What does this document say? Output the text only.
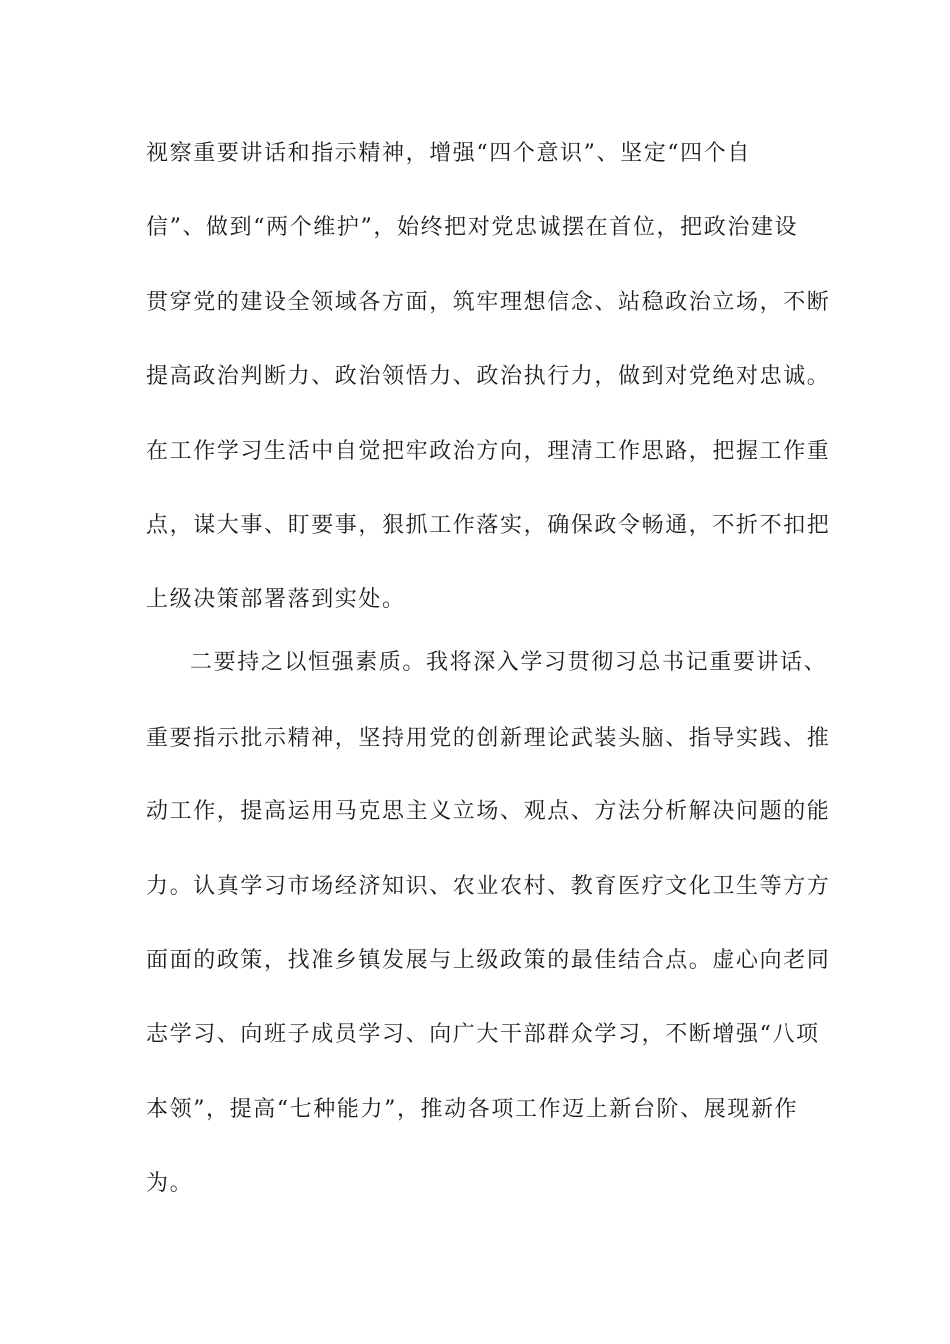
视察重要讲话和指示精神，增强“四个意识”、坚定“四个自
信”、做到“两个维护”，始终把对党忠诚摆在首位，把政治建设
贯穿党的建设全领域各方面，筑牢理想信念、站稳政治立场，不断
提高政治判断力、政治领悟力、政治执行力，做到对党绝对忠诚。
在工作学习生活中自觉把牢政治方向，理清工作思路，把握工作重
点，谋大事、盯要事，狠抓工作落实，确保政令畅通，不折不扣把
上级决策部署落到实处。
二要持之以恒强素质。我将深入学习贯彻习总书记重要讲话、
重要指示批示精神，坚持用党的创新理论武装头脑、指导实践、推
动工作，提高运用马克思主义立场、观点、方法分析解决问题的能
力。认真学习市场经济知识、农业农村、教育医疗文化卫生等方方
面面的政策，找准乡镇发展与上级政策的最佳结合点。虚心向老同
志学习、向班子成员学习、向广大干部群众学习，不断增强“八项
本领”，提高“七种能力”，推动各项工作迈上新台阶、展现新作
为。
